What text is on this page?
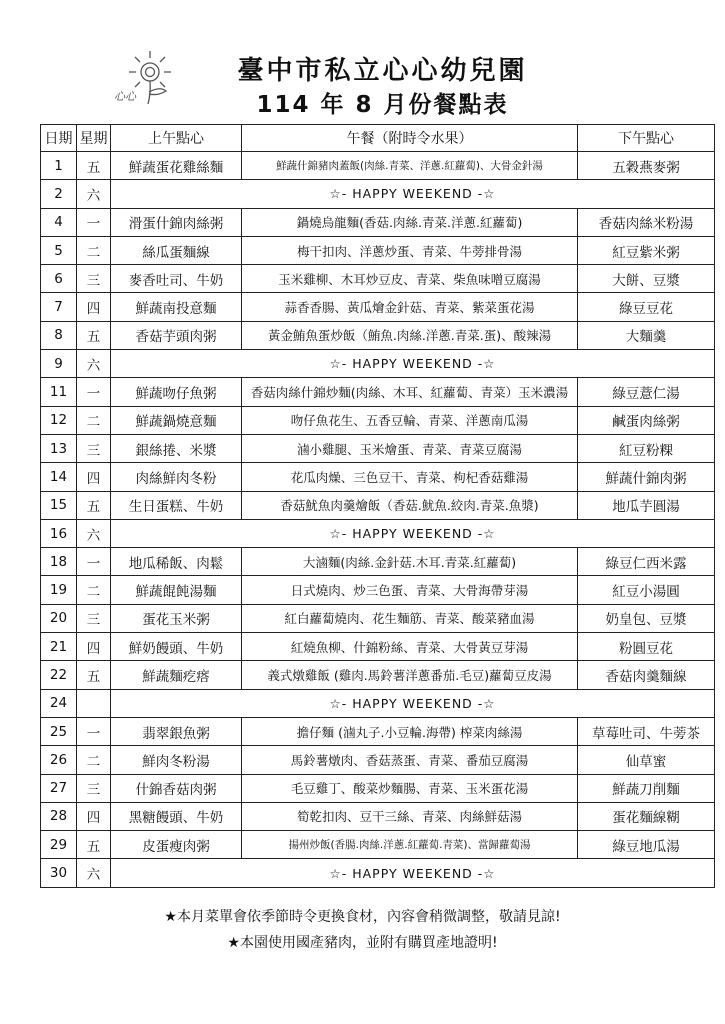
心心
臺中市私立心心幼兒園
114 年 8 月份餐點表
日期	星期	上午點心	午餐（附時令水果）	下午點心
1	五	鮮蔬蛋花雞絲麵	鮮蔬什錦豬肉蓋飯(肉絲.青菜、洋蔥.紅蘿蔔)、大骨金針湯	五穀燕麥粥
2	六	☆- HAPPY WEEKEND -☆		
4	一	滑蛋什錦肉絲粥	鍋燒烏龍麵(香菇.肉絲.青菜.洋蔥.紅蘿蔔)	香菇肉絲米粉湯
5	二	絲瓜蛋麵線	梅干扣肉、洋蔥炒蛋、青菜、牛蒡排骨湯	紅豆紫米粥
6	三	麥香吐司、牛奶	玉米雞柳、木耳炒豆皮、青菜、柴魚味噌豆腐湯	大餅、豆漿
7	四	鮮蔬南投意麵	蒜香香腸、黃瓜燴金針菇、青菜、紫菜蛋花湯	綠豆豆花
8	五	香菇芋頭肉粥	黃金鮪魚蛋炒飯（鮪魚.肉絲.洋蔥.青菜.蛋)、酸辣湯	大麵羹
9	六	☆- HAPPY WEEKEND -☆		
11	一	鮮蔬吻仔魚粥	香菇肉絲什錦炒麵(肉絲、木耳、紅蘿蔔、青菜）玉米濃湯	綠豆薏仁湯
12	二	鮮蔬鍋燒意麵	吻仔魚花生、五香豆輪、青菜、洋蔥南瓜湯	鹹蛋肉絲粥
13	三	銀絲捲、米漿	滷小雞腿、玉米燴蛋、青菜、青菜豆腐湯	紅豆粉粿
14	四	肉絲鮮肉冬粉	花瓜肉燥、三色豆干、青菜、枸杞香菇雞湯	鮮蔬什錦肉粥
15	五	生日蛋糕、牛奶	香菇魷魚肉羹燴飯（香菇.魷魚.絞肉.青菜.魚漿)	地瓜芋圓湯
16	六	☆- HAPPY WEEKEND -☆		
18	一	地瓜稀飯、肉鬆	大滷麵(肉絲.金針菇.木耳.青菜.紅蘿蔔)	綠豆仁西米露
19	二	鮮蔬餛飩湯麵	日式燒肉、炒三色蛋、青菜、大骨海帶芽湯	紅豆小湯圓
20	三	蛋花玉米粥	紅白蘿蔔燒肉、花生麵筋、青菜、酸菜豬血湯	奶皇包、豆漿
21	四	鮮奶饅頭、牛奶	紅燒魚柳、什錦粉絲、青菜、大骨黃豆芽湯	粉圓豆花
22	五	鮮蔬麵疙瘩	義式燉雞飯 (雞肉.馬鈴薯洋蔥番茄.毛豆)蘿蔔豆皮湯	香菇肉羹麵線
24		☆- HAPPY WEEKEND -☆		
25	一	翡翠銀魚粥	擔仔麵 (滷丸子.小豆輪.海帶) 榨菜肉絲湯	草莓吐司、牛蒡茶
26	二	鮮肉冬粉湯	馬鈴薯燉肉、香菇蒸蛋、青菜、番茄豆腐湯	仙草蜜
27	三	什錦香菇肉粥	毛豆雞丁、酸菜炒麵腸、青菜、玉米蛋花湯	鮮蔬刀削麵
28	四	黑糖饅頭、牛奶	筍乾扣肉、豆干三絲、青菜、肉絲鮮菇湯	蛋花麵線糊
29	五	皮蛋瘦肉粥	揚州炒飯(香腸.肉絲.洋蔥.紅蘿蔔.青菜)、當歸蘿蔔湯	綠豆地瓜湯
30	六	☆- HAPPY WEEKEND -☆		
★本月菜單會依季節時令更換食材，內容會稍微調整，敬請見諒!
★本園使用國產豬肉，並附有購買產地證明!
